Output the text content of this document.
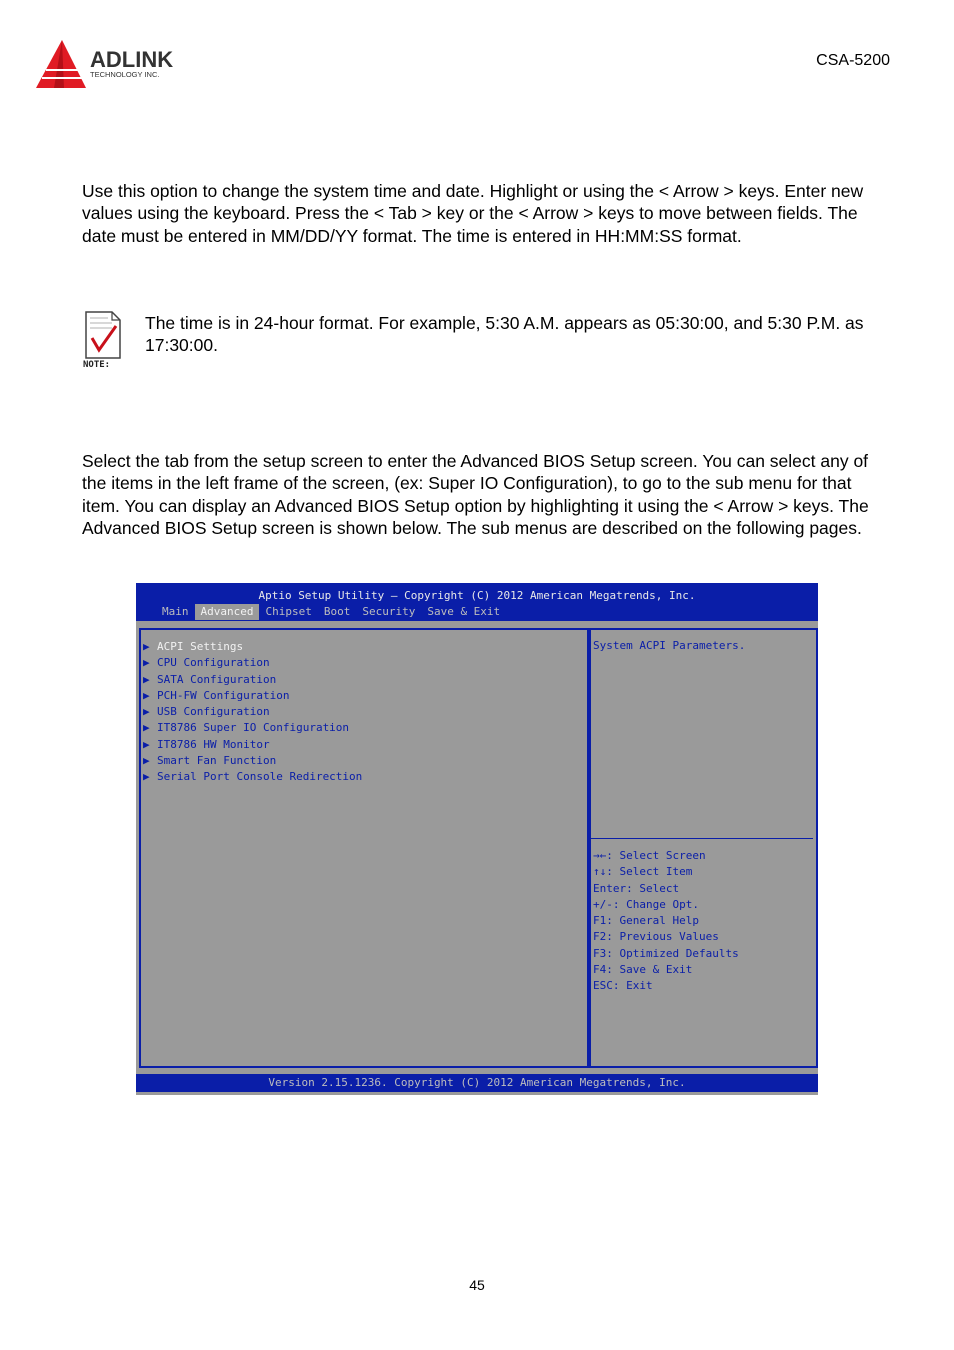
ADLINK
TECHNOLOGY INC.
CSA-5200
Use this option to change the system time and date. Highlight or using the < Arrow > keys. Enter new values using the keyboard. Press the < Tab > key or the < Arrow > keys to move between fields. The date must be entered in MM/DD/YY format. The time is entered in HH:MM:SS format.
NOTE:
The time is in 24-hour format. For example, 5:30 A.M. appears as 05:30:00, and 5:30 P.M. as 17:30:00.
Select the tab from the setup screen to enter the Advanced BIOS Setup screen. You can select any of the items in the left frame of the screen, (ex: Super IO Configuration), to go to the sub menu for that item. You can display an Advanced BIOS Setup option by highlighting it using the < Arrow > keys. The Advanced BIOS Setup screen is shown below. The sub menus are described on the following pages.
Aptio Setup Utility – Copyright (C) 2012 American Megatrends, Inc.
Main	Advanced	Chipset	Boot	Security	Save & Exit
▶ ACPI Settings
▶ CPU Configuration
▶ SATA Configuration
▶ PCH-FW Configuration
▶ USB Configuration
▶ IT8786 Super IO Configuration
▶ IT8786 HW Monitor
▶ Smart Fan Function
▶ Serial Port Console Redirection
System ACPI Parameters.
→←: Select Screen
↑↓: Select Item
Enter: Select
+/-: Change Opt.
F1: General Help
F2: Previous Values
F3: Optimized Defaults
F4: Save & Exit
ESC: Exit
Version 2.15.1236. Copyright (C) 2012 American Megatrends, Inc.
45
